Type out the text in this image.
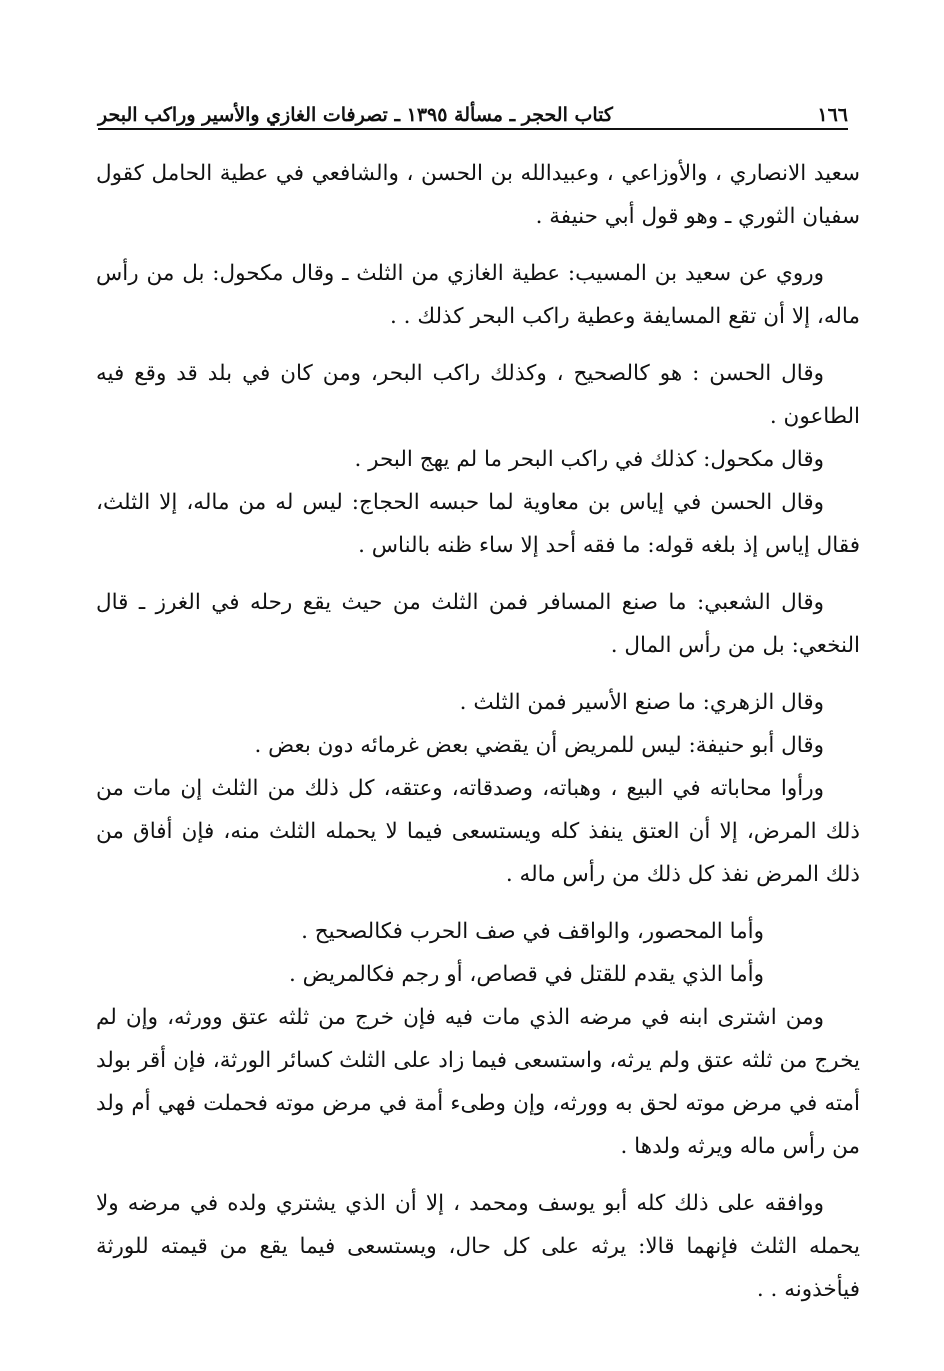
١٦٦
كتاب الحجر ـ مسألة ١٣٩٥ ـ تصرفات الغازي والأسير وراكب البحر

سعيد الانصاري ، والأوزاعي ، وعبيدالله بن الحسن ، والشافعي في عطية الحامل كقول سفيان الثوري ـ وهو قول أبي حنيفة .

وروي عن سعيد بن المسيب: عطية الغازي من الثلث ـ وقال مكحول: بل من رأس ماله، إلا أن تقع المسايفة وعطية راكب البحر كذلك . .

وقال الحسن : هو كالصحيح ، وكذلك راكب البحر، ومن كان في بلد قد وقع فيه الطاعون .

وقال مكحول: كذلك في راكب البحر ما لم يهج البحر .

وقال الحسن في إياس بن معاوية لما حبسه الحجاج: ليس له من ماله، إلا الثلث، فقال إياس إذ بلغه قوله: ما فقه أحد إلا ساء ظنه بالناس .

وقال الشعبي: ما صنع المسافر فمن الثلث من حيث يقع رحله في الغرز ـ قال النخعي: بل من رأس المال .

وقال الزهري: ما صنع الأسير فمن الثلث .

وقال أبو حنيفة: ليس للمريض أن يقضي بعض غرمائه دون بعض .

ورأوا محاباته في البيع ، وهباته، وصدقاته، وعتقه، كل ذلك من الثلث إن مات من ذلك المرض، إلا أن العتق ينفذ كله ويستسعى فيما لا يحمله الثلث منه، فإن أفاق من ذلك المرض نفذ كل ذلك من رأس ماله .

وأما المحصور، والواقف في صف الحرب فكالصحيح .

وأما الذي يقدم للقتل في قصاص، أو رجم فكالمريض .

ومن اشترى ابنه في مرضه الذي مات فيه فإن خرج من ثلثه عتق وورثه، وإن لم يخرج من ثلثه عتق ولم يرثه، واستسعى فيما زاد على الثلث كسائر الورثة، فإن أقر بولد أمته في مرض موته لحق به وورثه، وإن وطىء أمة في مرض موته فحملت فهي أم ولد من رأس ماله ويرثه ولدها .

ووافقه على ذلك كله أبو يوسف ومحمد ، إلا أن الذي يشتري ولده في مرضه ولا يحمله الثلث فإنهما قالا: يرثه على كل حال، ويستسعى فيما يقع من قيمته للورثة فيأخذونه . .
